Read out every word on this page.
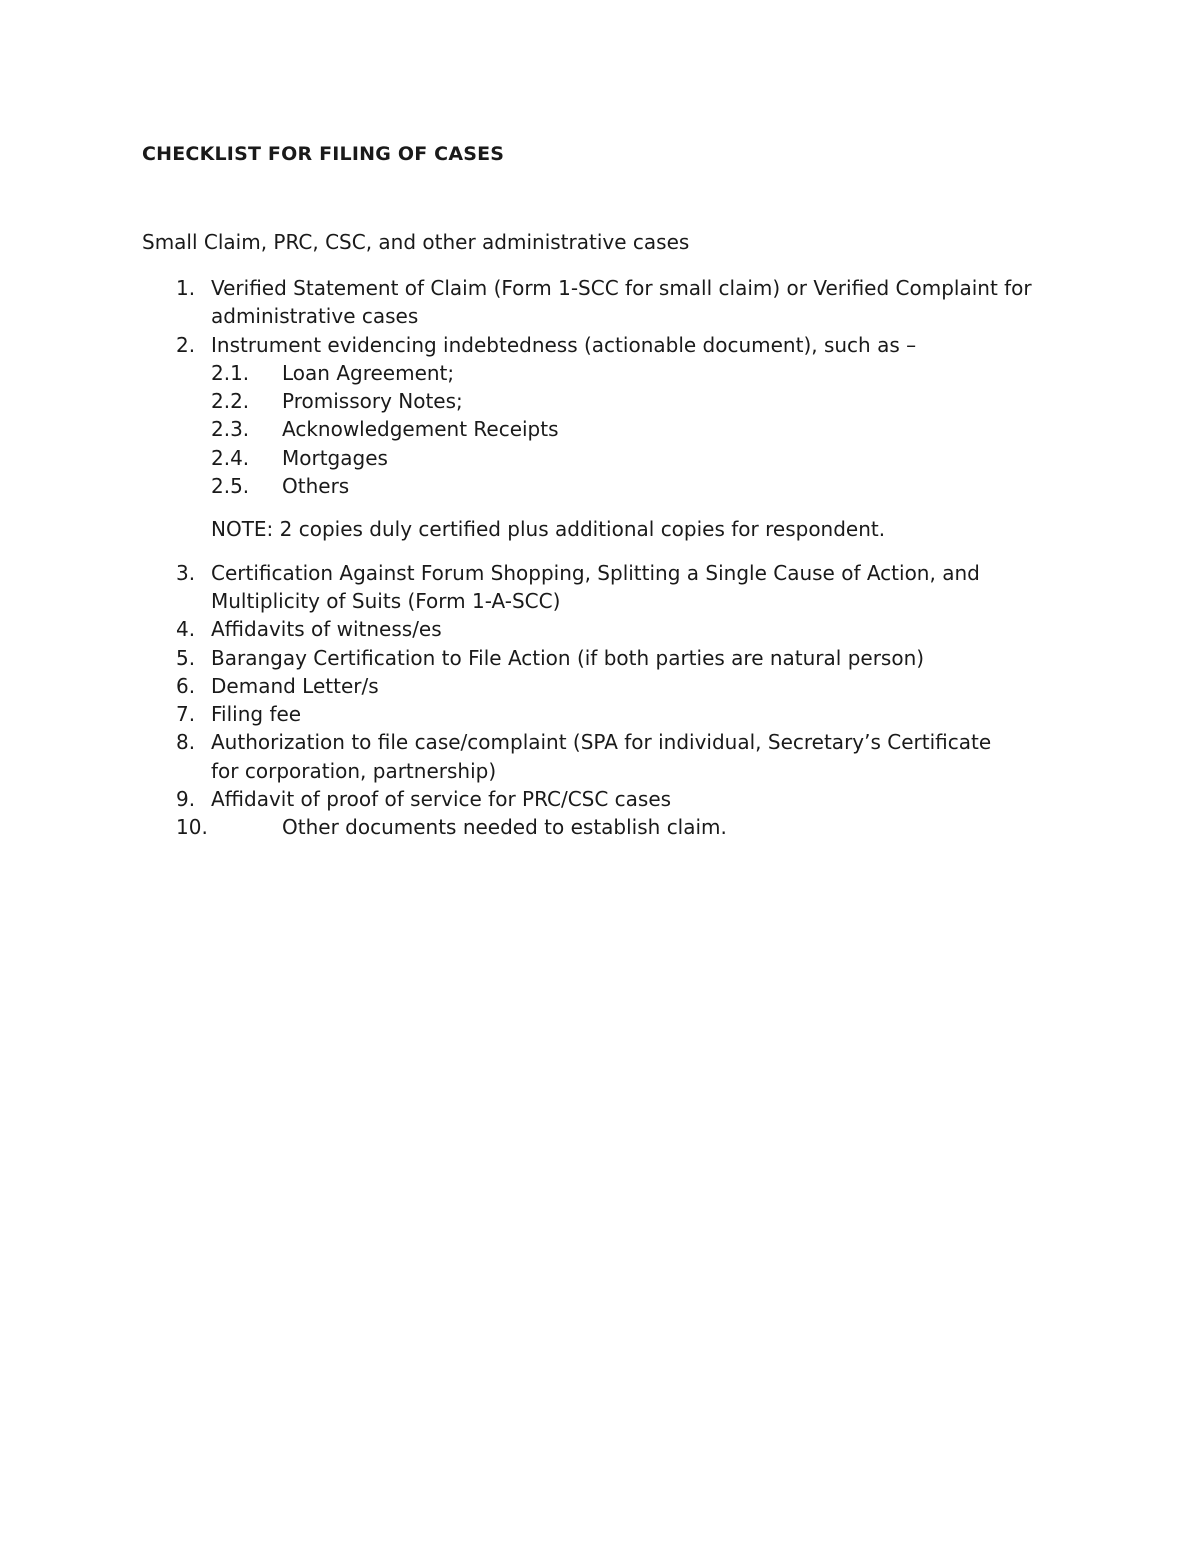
CHECKLIST FOR FILING OF CASES

Small Claim, PRC, CSC, and other administrative cases

1. Verified Statement of Claim (Form 1-SCC for small claim) or Verified Complaint for administrative cases
2. Instrument evidencing indebtedness (actionable document), such as –
2.1. Loan Agreement;
2.2. Promissory Notes;
2.3. Acknowledgement Receipts
2.4. Mortgages
2.5. Others
NOTE: 2 copies duly certified plus additional copies for respondent.
3. Certification Against Forum Shopping, Splitting a Single Cause of Action, and Multiplicity of Suits (Form 1-A-SCC)
4. Affidavits of witness/es
5. Barangay Certification to File Action (if both parties are natural person)
6. Demand Letter/s
7. Filing fee
8. Authorization to file case/complaint (SPA for individual, Secretary’s Certificate for corporation, partnership)
9. Affidavit of proof of service for PRC/CSC cases
10.	Other documents needed to establish claim.
